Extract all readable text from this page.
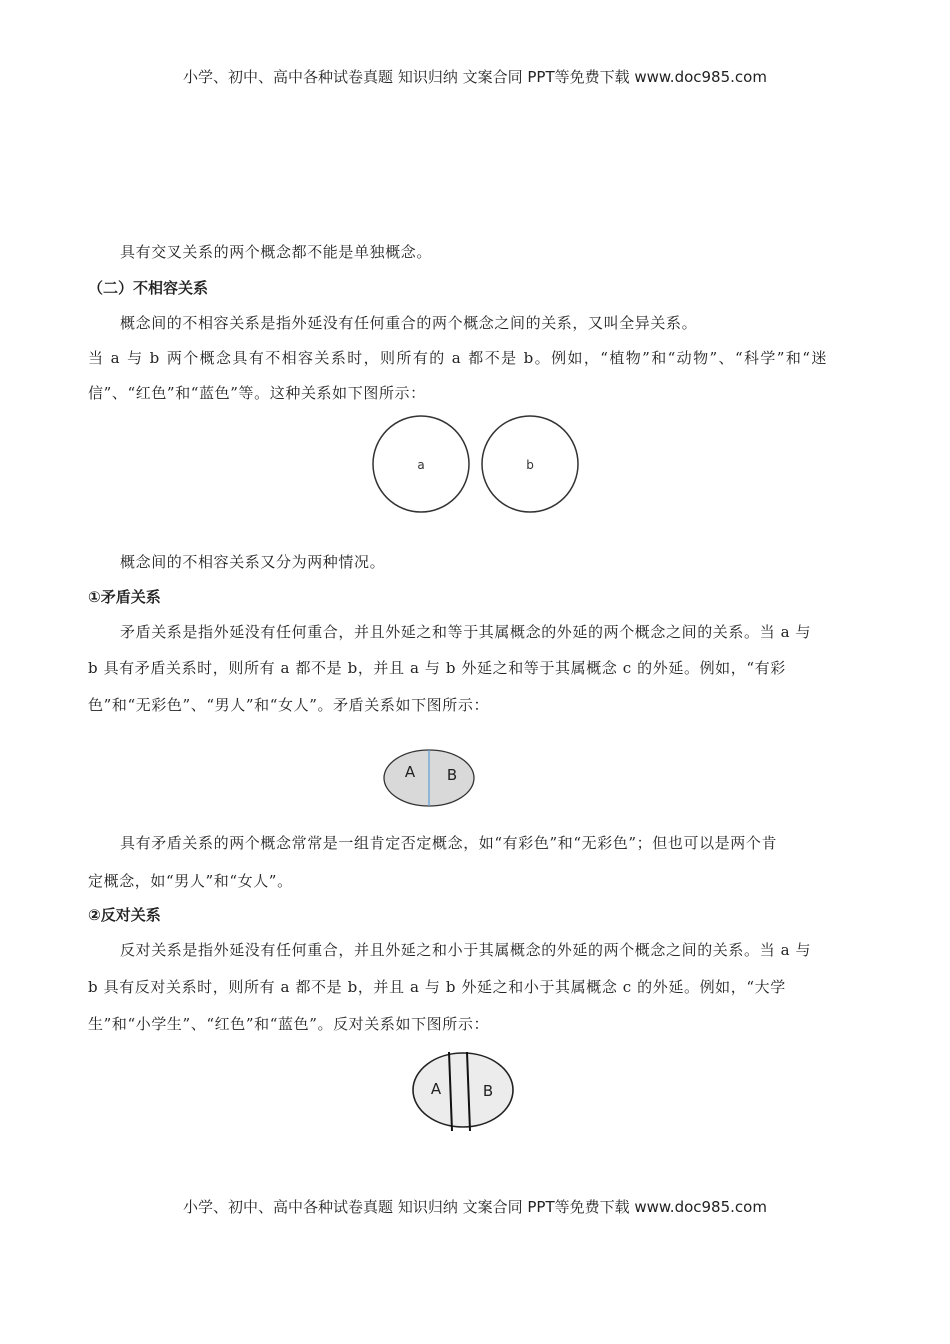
小学、初中、高中各种试卷真题 知识归纳 文案合同 PPT等免费下载 www.doc985.com
具有交叉关系的两个概念都不能是单独概念。
（二）不相容关系
概念间的不相容关系是指外延没有任何重合的两个概念之间的关系，又叫全异关系。
当 a 与 b 两个概念具有不相容关系时，则所有的 a 都不是 b。例如，“植物”和“动物”、“科学”和“迷
信”、“红色”和“蓝色”等。这种关系如下图所示：
a	b
概念间的不相容关系又分为两种情况。
①矛盾关系
矛盾关系是指外延没有任何重合，并且外延之和等于其属概念的外延的两个概念之间的关系。当 a 与
b 具有矛盾关系时，则所有 a 都不是 b，并且 a 与 b 外延之和等于其属概念 c 的外延。例如，“有彩
色”和“无彩色”、“男人”和“女人”。矛盾关系如下图所示：
A B
具有矛盾关系的两个概念常常是一组肯定否定概念，如“有彩色”和“无彩色”；但也可以是两个肯
定概念，如“男人”和“女人”。
②反对关系
反对关系是指外延没有任何重合，并且外延之和小于其属概念的外延的两个概念之间的关系。当 a 与
b 具有反对关系时，则所有 a 都不是 b，并且 a 与 b 外延之和小于其属概念 c 的外延。例如，“大学
生”和“小学生”、“红色”和“蓝色”。反对关系如下图所示：
A	B
小学、初中、高中各种试卷真题 知识归纳 文案合同 PPT等免费下载 www.doc985.com
